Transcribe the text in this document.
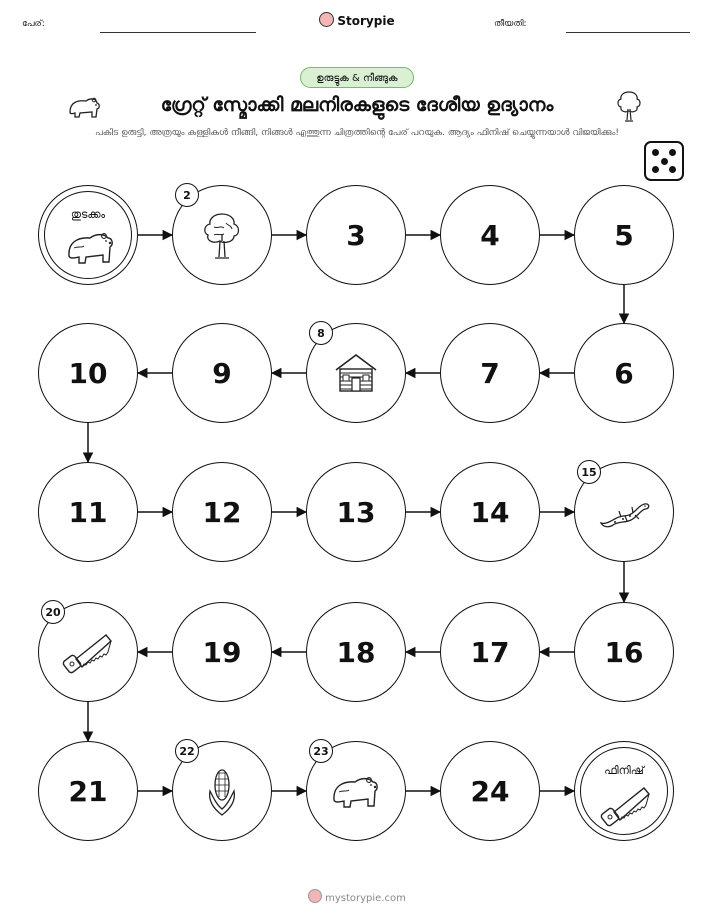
പേര്:	Storypie	തീയതി:
ഉരുട്ടുക & നീങ്ങുക
ഗ്രേറ്റ് സ്മോക്കി മലനിരകളുടെ ദേശീയ ഉദ്യാനം
പകിട ഉരുട്ടി, അത്രയും കള്ളികൾ നീങ്ങി, നിങ്ങൾ എത്തുന്ന ചിത്രത്തിന്റെ പേര് പറയുക. ആദ്യം ഫിനിഷ് ചെയ്യുന്നയാൾ വിജയിക്കും!
തുടക്കം
2
3	4	5
6
7
8
9
10
11	12	13	14
15
16
17
18
19
20
21
22	23
24
ഫിനിഷ്
mystorypie.com
